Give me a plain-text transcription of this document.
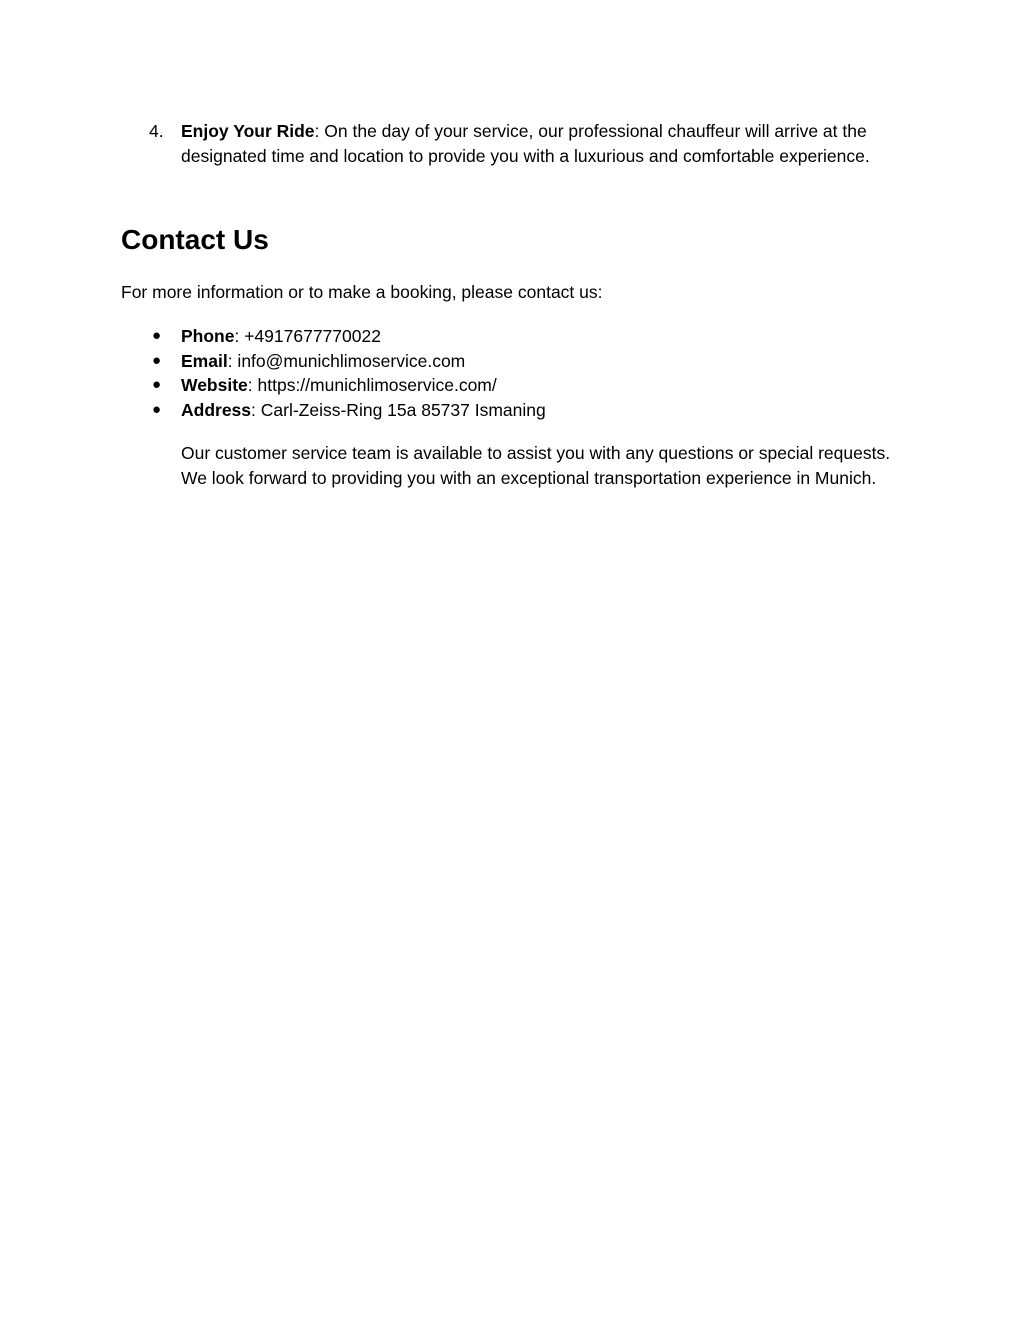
4. Enjoy Your Ride: On the day of your service, our professional chauffeur will arrive at the designated time and location to provide you with a luxurious and comfortable experience.
Contact Us

For more information or to make a booking, please contact us:

● Phone: +4917677770022
● Email: info@munichlimoservice.com
● Website: https://munichlimoservice.com/
● Address: Carl-Zeiss-Ring 15a 85737 Ismaning

Our customer service team is available to assist you with any questions or special requests. We look forward to providing you with an exceptional transportation experience in Munich.
